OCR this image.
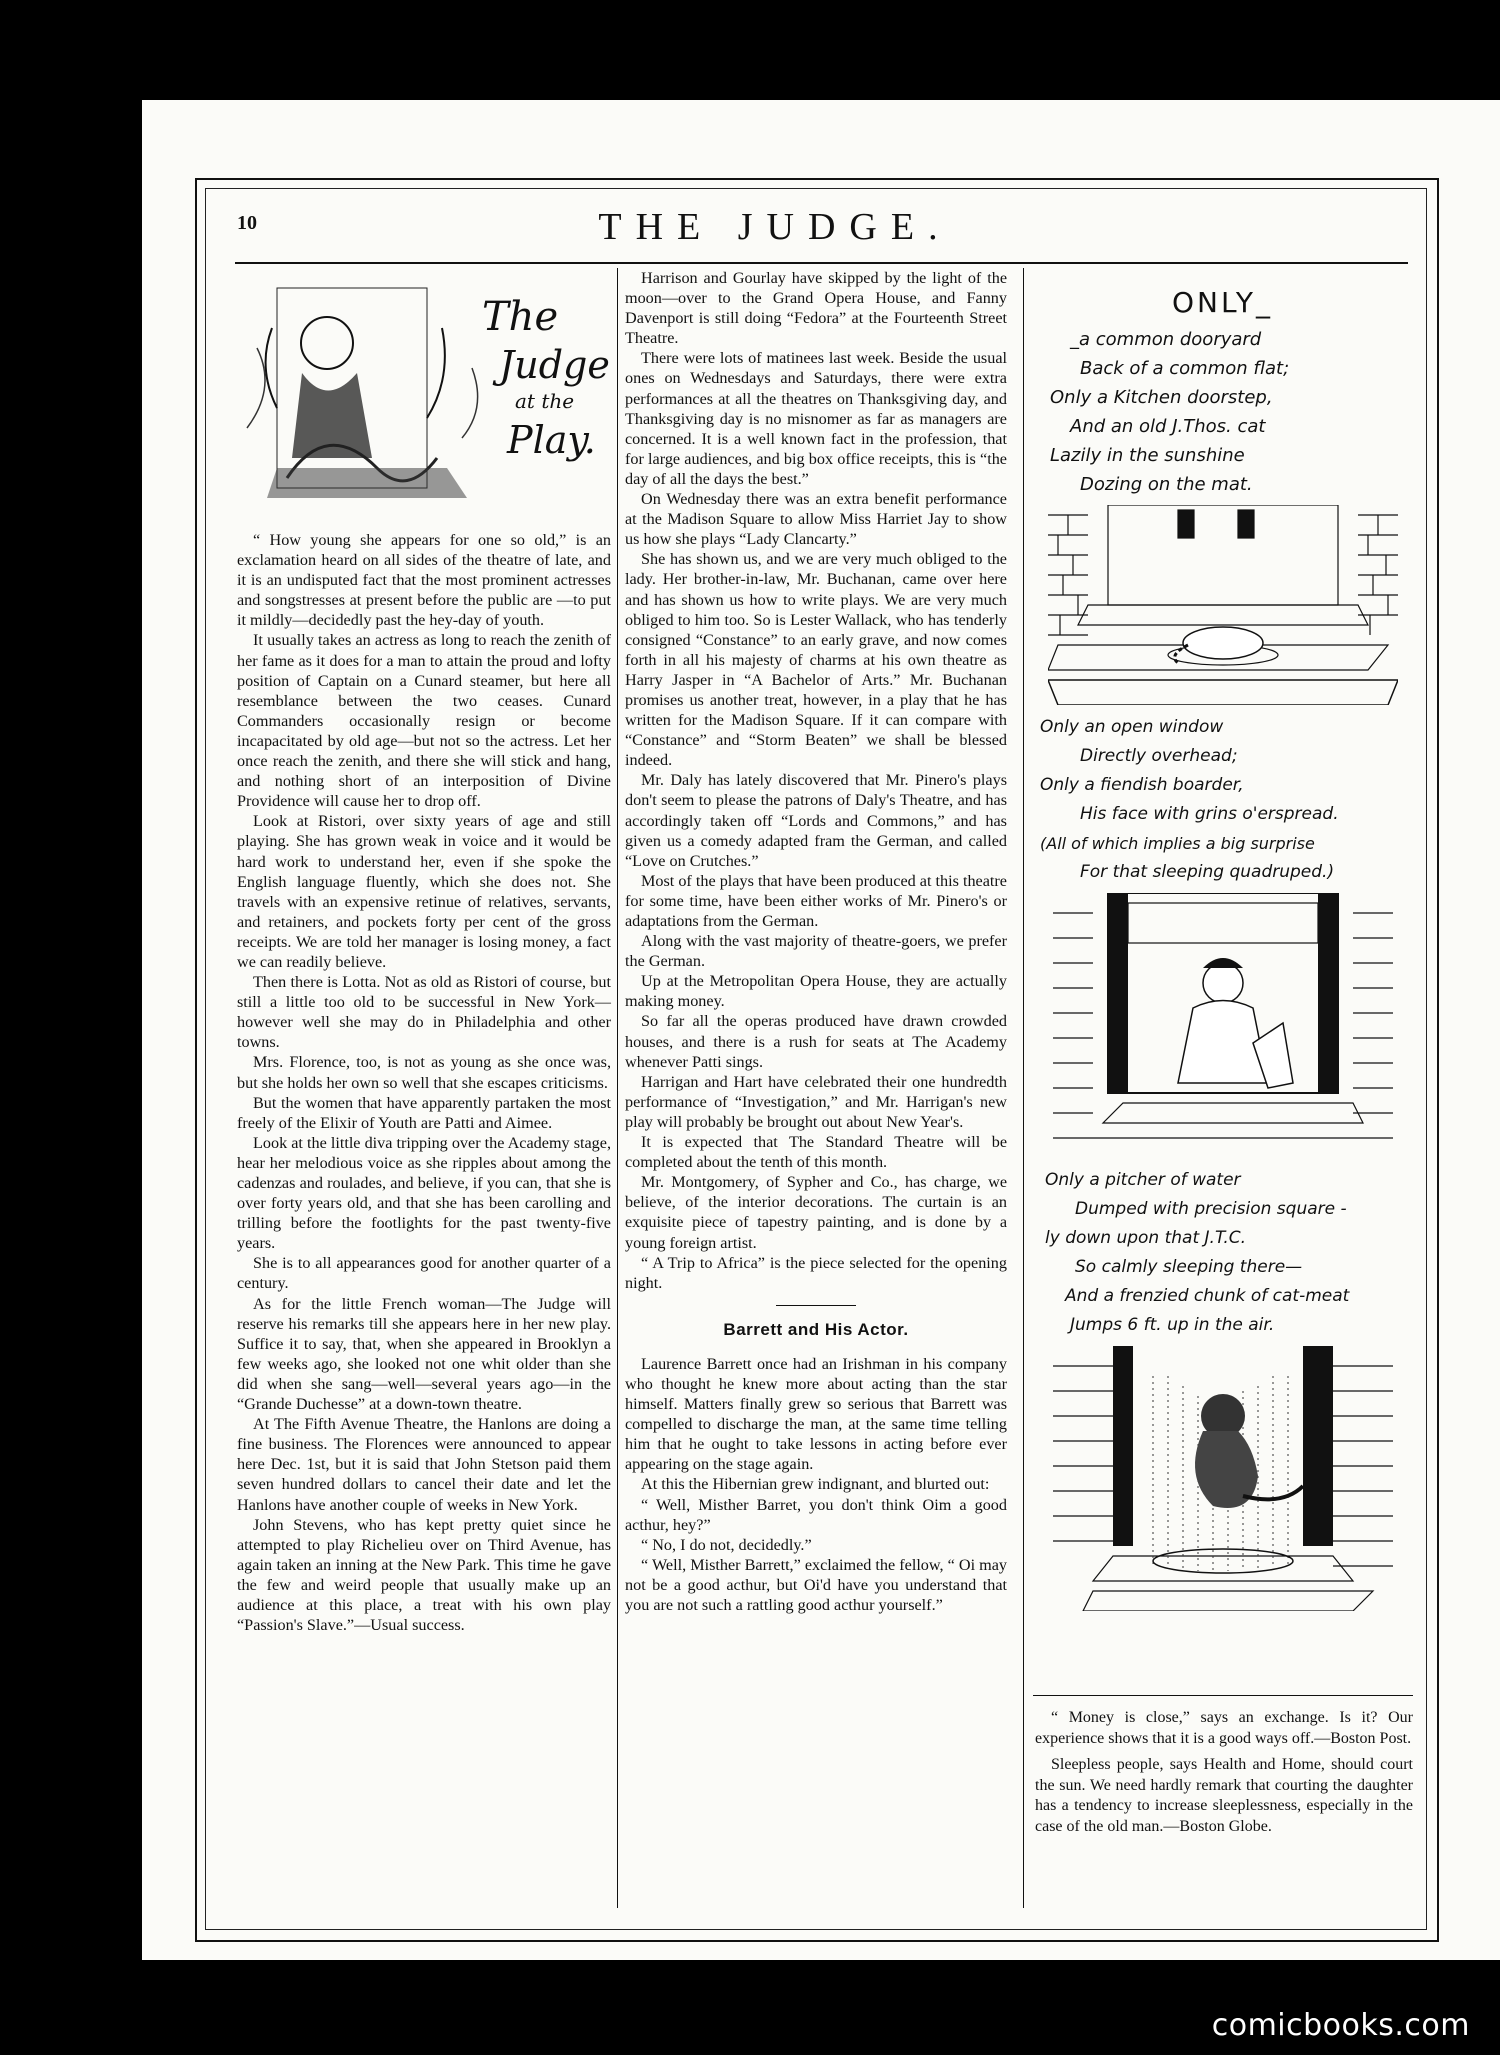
10	THE JUDGE.
The
Judge
at the
Play.

“ How young she appears for one so old,” is an exclamation heard on all sides of the theatre of late, and it is an undisputed fact that the most prominent actresses and songstresses at present before the public are —to put it mildly—decidedly past the hey-day of youth.

It usually takes an actress as long to reach the zenith of her fame as it does for a man to attain the proud and lofty position of Captain on a Cunard steamer, but here all resemblance between the two ceases. Cunard Commanders occasionally resign or become incapacitated by old age—but not so the actress. Let her once reach the zenith, and there she will stick and hang, and nothing short of an interposition of Divine Providence will cause her to drop off.

Look at Ristori, over sixty years of age and still playing. She has grown weak in voice and it would be hard work to understand her, even if she spoke the English language fluently, which she does not. She travels with an expensive retinue of relatives, servants, and retainers, and pockets forty per cent of the gross receipts. We are told her manager is losing money, a fact we can readily believe.

Then there is Lotta. Not as old as Ristori of course, but still a little too old to be successful in New York—however well she may do in Philadelphia and other towns.

Mrs. Florence, too, is not as young as she once was, but she holds her own so well that she escapes criticisms.

But the women that have apparently partaken the most freely of the Elixir of Youth are Patti and Aimee.

Look at the little diva tripping over the Academy stage, hear her melodious voice as she ripples about among the cadenzas and roulades, and believe, if you can, that she is over forty years old, and that she has been carolling and trilling before the footlights for the past twenty-five years.

She is to all appearances good for another quarter of a century.

As for the little French woman—The Judge will reserve his remarks till she appears here in her new play. Suffice it to say, that, when she appeared in Brooklyn a few weeks ago, she looked not one whit older than she did when she sang—well—several years ago—in the “Grande Duchesse” at a down-town theatre.

At The Fifth Avenue Theatre, the Hanlons are doing a fine business. The Florences were announced to appear here Dec. 1st, but it is said that John Stetson paid them seven hundred dollars to cancel their date and let the Hanlons have another couple of weeks in New York.

John Stevens, who has kept pretty quiet since he attempted to play Richelieu over on Third Avenue, has again taken an inning at the New Park. This time he gave the few and weird people that usually make up an audience at this place, a treat with his own play “Passion's Slave.”—Usual success.

Harrison and Gourlay have skipped by the light of the moon—over to the Grand Opera House, and Fanny Davenport is still doing “Fedora” at the Fourteenth Street Theatre.

There were lots of matinees last week. Beside the usual ones on Wednesdays and Saturdays, there were extra performances at all the theatres on Thanksgiving day, and Thanksgiving day is no misnomer as far as managers are concerned. It is a well known fact in the profession, that for large audiences, and big box office receipts, this is “the day of all the days the best.”

On Wednesday there was an extra benefit performance at the Madison Square to allow Miss Harriet Jay to show us how she plays “Lady Clancarty.”

She has shown us, and we are very much obliged to the lady. Her brother-in-law, Mr. Buchanan, came over here and has shown us how to write plays. We are very much obliged to him too. So is Lester Wallack, who has tenderly consigned “Constance” to an early grave, and now comes forth in all his majesty of charms at his own theatre as Harry Jasper in “A Bachelor of Arts.” Mr. Buchanan promises us another treat, however, in a play that he has written for the Madison Square. If it can compare with “Constance” and “Storm Beaten” we shall be blessed indeed.

Mr. Daly has lately discovered that Mr. Pinero's plays don't seem to please the patrons of Daly's Theatre, and has accordingly taken off “Lords and Commons,” and has given us a comedy adapted fram the German, and called “Love on Crutches.”

Most of the plays that have been produced at this theatre for some time, have been either works of Mr. Pinero's or adaptations from the German.

Along with the vast majority of theatre-goers, we prefer the German.

Up at the Metropolitan Opera House, they are actually making money.

So far all the operas produced have drawn crowded houses, and there is a rush for seats at The Academy whenever Patti sings.

Harrigan and Hart have celebrated their one hundredth performance of “Investigation,” and Mr. Harrigan's new play will probably be brought out about New Year's.

It is expected that The Standard Theatre will be completed about the tenth of this month.

Mr. Montgomery, of Sypher and Co., has charge, we believe, of the interior decorations. The curtain is an exquisite piece of tapestry painting, and is done by a young foreign artist.

“ A Trip to Africa” is the piece selected for the opening night.

Barrett and His Actor.

Laurence Barrett once had an Irishman in his company who thought he knew more about acting than the star himself. Matters finally grew so serious that Barrett was compelled to discharge the man, at the same time telling him that he ought to take lessons in acting before ever appearing on the stage again.

At this the Hibernian grew indignant, and blurted out:

“ Well, Misther Barret, you don't think Oim a good acthur, hey?”

“ No, I do not, decidedly.”

“ Well, Misther Barrett,” exclaimed the fellow, “ Oi may not be a good acthur, but Oi'd have you understand that you are not such a rattling good acthur yourself.”

ONLY_

_a common dooryard

Back of a common flat;

Only a Kitchen doorstep,

And an old J.Thos. cat

Lazily in the sunshine

Dozing on the mat.

Only an open window

Directly overhead;

Only a fiendish boarder,

His face with grins o'erspread.

(All of which implies a big surprise

For that sleeping quadruped.)

Only a pitcher of water

Dumped with precision square -

ly down upon that J.T.C.

So calmly sleeping there—

And a frenzied chunk of cat-meat

Jumps 6 ft. up in the air.

“ Money is close,” says an exchange. Is it? Our experience shows that it is a good ways off.—Boston Post.

Sleepless people, says Health and Home, should court the sun. We need hardly remark that courting the daughter has a tendency to increase sleeplessness, especially in the case of the old man.—Boston Globe.

comicbooks.com
